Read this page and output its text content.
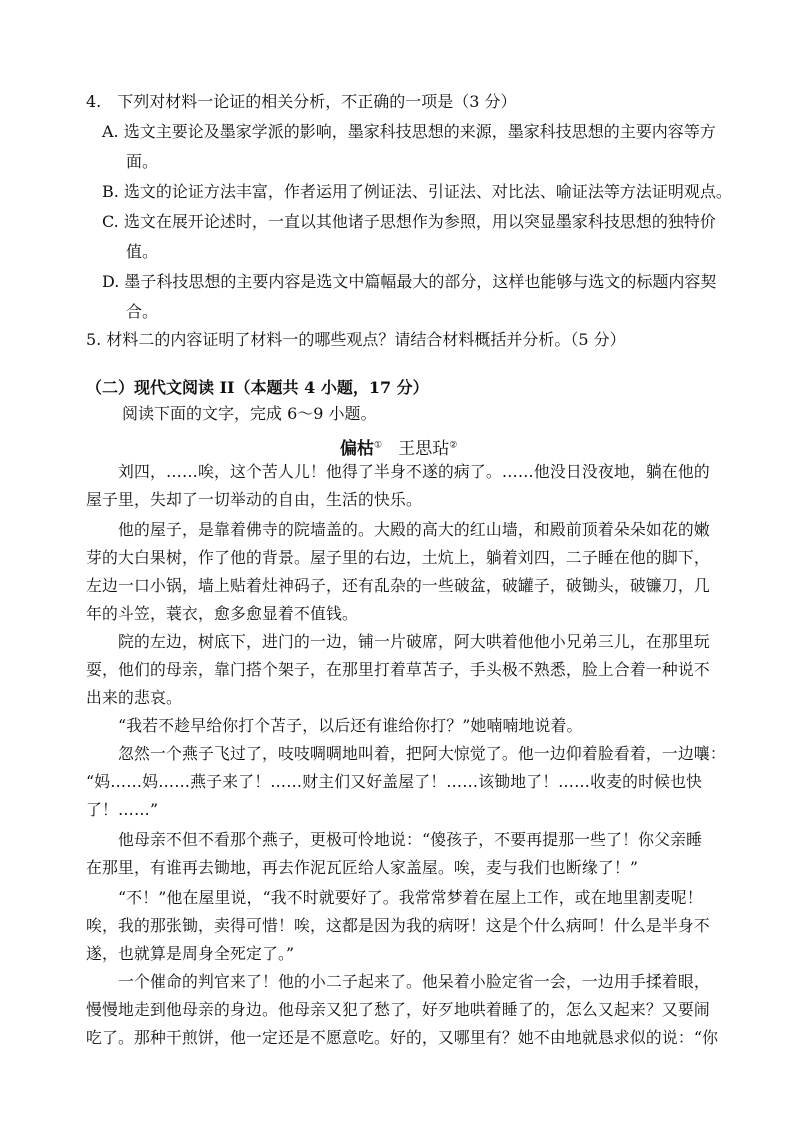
4.　下列对材料一论证的相关分析，不正确的一项是（3 分）
A. 选文主要论及墨家学派的影响，墨家科技思想的来源，墨家科技思想的主要内容等方
面。
B. 选文的论证方法丰富，作者运用了例证法、引证法、对比法、喻证法等方法证明观点。
C. 选文在展开论述时，一直以其他诸子思想作为参照，用以突显墨家科技思想的独特价
值。
D. 墨子科技思想的主要内容是选文中篇幅最大的部分，这样也能够与选文的标题内容契
合。
5. 材料二的内容证明了材料一的哪些观点？请结合材料概括并分析。（5 分）
（二）现代文阅读 II（本题共 4 小题，17 分）
阅读下面的文字，完成 6～9 小题。
偏枯① 王思玷②
刘四，……唉，这个苦人儿！他得了半身不遂的病了。……他没日没夜地，躺在他的
屋子里，失却了一切举动的自由，生活的快乐。
他的屋子，是靠着佛寺的院墙盖的。大殿的高大的红山墙，和殿前顶着朵朵如花的嫩
芽的大白果树，作了他的背景。屋子里的右边，土炕上，躺着刘四，二子睡在他的脚下，
左边一口小锅，墙上贴着灶神码子，还有乱杂的一些破盆，破罐子，破锄头，破镰刀，几
年的斗笠，蓑衣，愈多愈显着不值钱。
院的左边，树底下，进门的一边，铺一片破席，阿大哄着他他小兄弟三儿，在那里玩
耍，他们的母亲，靠门搭个架子，在那里打着草苫子，手头极不熟悉，脸上合着一种说不
出来的悲哀。
“我若不趁早给你打个苫子，以后还有谁给你打？”她喃喃地说着。
忽然一个燕子飞过了，吱吱啁啁地叫着，把阿大惊觉了。他一边仰着脸看着，一边嚷：
“妈……妈……燕子来了！……财主们又好盖屋了！……该锄地了！……收麦的时候也快
了！……”
他母亲不但不看那个燕子，更极可怜地说：“傻孩子，不要再提那一些了！你父亲睡
在那里，有谁再去锄地，再去作泥瓦匠给人家盖屋。唉，麦与我们也断缘了！”
“不！”他在屋里说，“我不时就要好了。我常常梦着在屋上工作，或在地里割麦呢！
唉，我的那张锄，卖得可惜！唉，这都是因为我的病呀！这是个什么病呵！什么是半身不
遂，也就算是周身全死定了。”
一个催命的判官来了！他的小二子起来了。他呆着小脸定省一会，一边用手揉着眼，
慢慢地走到他母亲的身边。他母亲又犯了愁了，好歹地哄着睡了的，怎么又起来？又要闹
吃了。那种干煎饼，他一定还是不愿意吃。好的，又哪里有？她不由地就恳求似的说：“你
